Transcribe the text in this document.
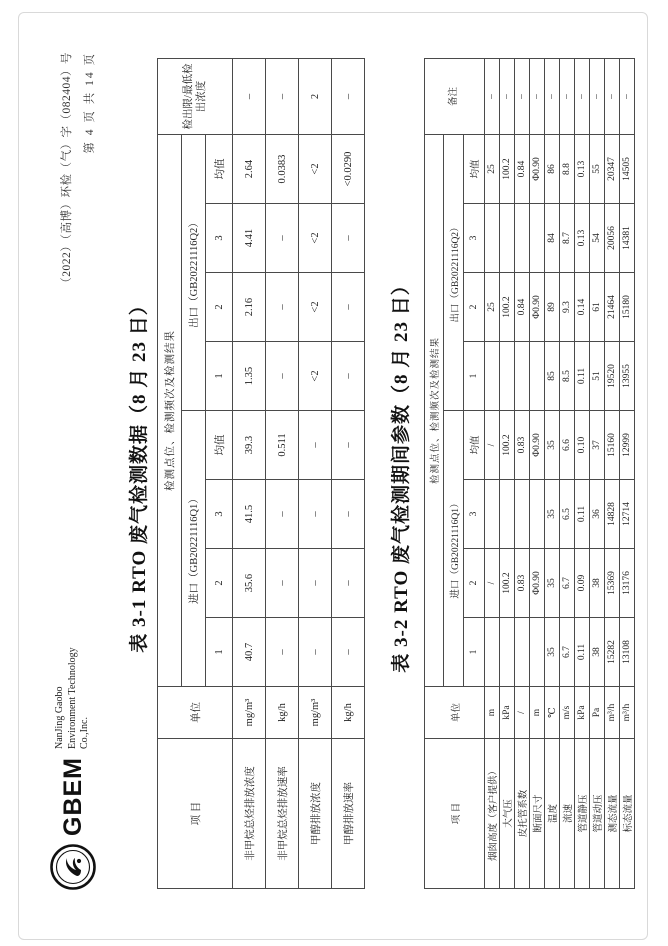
（2022）（高博）环检（气）字（082404）号 第 4 页 共 14 页
GBEM
NanJing Gaobo Environment Technology Co.,Inc.
表 3-1 RTO 废气检测数据（8 月 23 日）
项 目	单位	检测点位、检测频次及检测结果								检出限/最低检出浓度
		进口（GB20221116Q1）				出口（GB20221116Q2）				
		1	2	3	均值	1	2	3	均值	
非甲烷总烃排放浓度	mg/m³	40.7	35.6	41.5	39.3	1.35	2.16	4.41	2.64	–
非甲烷总烃排放速率	kg/h	–	–	–	0.511	–	–	–	0.0383	–
甲醇排放浓度	mg/m³	–	–	–	–	<2	<2	<2	<2	2
甲醇排放速率	kg/h	–	–	–	–	–	–	–	<0.0290	–
表 3-2 RTO 废气检测期间参数（8 月 23 日）
项 目	单位	检测点位、检测频次及检测结果								备注
		进口（GB20221116Q1）				出口（GB20221116Q2）				
		1	2	3	均值	1	2	3	均值	
烟囱高度（客户提供）	m		/		/		25		25	–
大气压	kPa		100.2		100.2		100.2		100.2	–
皮托管系数	/		0.83		0.83		0.84		0.84	–
断面尺寸	m		Φ0.90		Φ0.90		Φ0.90		Φ0.90	–
温度	℃	35	35	35	35	85	89	84	86	–
流速	m/s	6.7	6.7	6.5	6.6	8.5	9.3	8.7	8.8	–
管道静压	kPa	0.11	0.09	0.11	0.10	0.11	0.14	0.13	0.13	–
管道动压	Pa	38	38	36	37	51	61	54	55	–
测态流量	m³/h	15282	15369	14828	15160	19520	21464	20056	20347	–
标态流量	m³/h	13108	13176	12714	12999	13955	15180	14381	14505	–
